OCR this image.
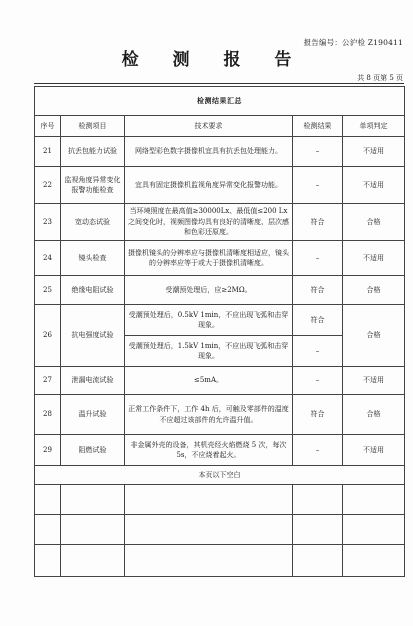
报告编号：公沪检 Z190411
检 测 报 告
共 8 页第 5 页
检测结果汇总				
序号	检测项目	技术要求	检测结果	单项判定
21	抗丢包能力试验	网络型彩色数字摄像机宜具有抗丢包处理能力。	–	不适用
22	监视角度异常变化报警功能检查	宜具有固定摄像机监视角度异常变化报警功能。	–	不适用
23	宽动态试验	当环境照度在最高值≥30000Lx、最低值≤200 Lx 之间变化时，视频图像均具有良好的清晰度、层次感和色彩还原度。	符合	合格
24	镜头检查	摄像机镜头的分辨率应与摄像机清晰度相适应，镜头的分辨率应等于或大于摄像机清晰度。	–	不适用
25	绝缘电阻试验	受潮预处理后，应≥2MΩ。	符合	合格
26	抗电强度试验	受潮预处理后，0.5kV 1min，不应出现飞弧和击穿现象。	符合	合格
		受潮预处理后，1.5kV 1min，不应出现飞弧和击穿现象。	–	
27	泄漏电流试验	≤5mA。	–	不适用
28	温升试验	正常工作条件下，工作 4h 后，可触及零部件的温度不应超过该部件的允许温升值。	符合	合格
29	阻燃试验	非金属外壳的设备，其机壳经火焰燃烧 5 次，每次 5s，不应烧着起火。	–	不适用
本页以下空白				
